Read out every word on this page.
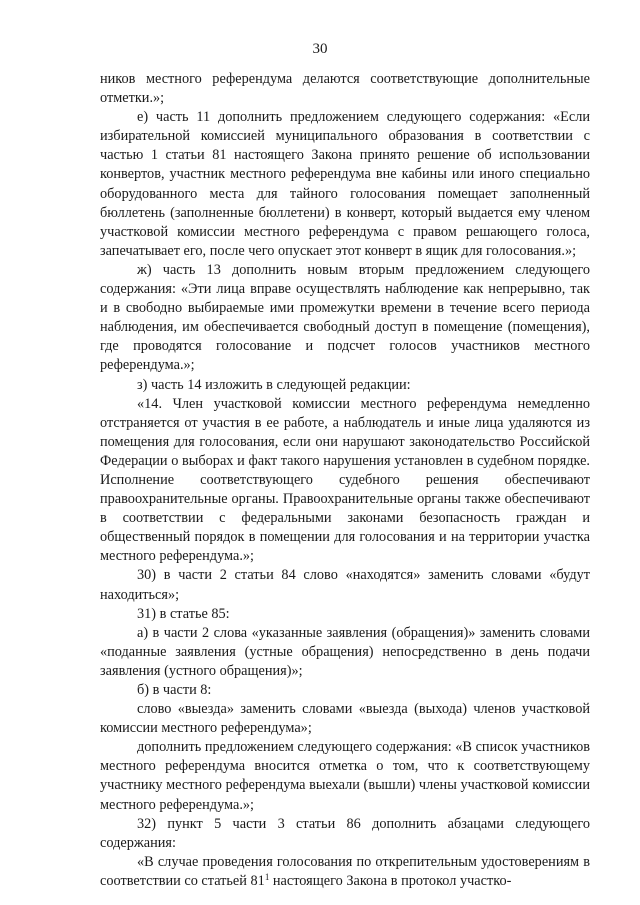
30

ников местного референдума делаются соответствующие дополнительные отметки.»;

е) часть 11 дополнить предложением следующего содержания: «Если избирательной комиссией муниципального образования в соответствии с частью 1 статьи 81 настоящего Закона принято решение об использовании конвертов, участник местного референдума вне кабины или иного специально оборудованного места для тайного голосования помещает заполненный бюллетень (заполненные бюллетени) в конверт, который выдается ему членом участковой комиссии местного референдума с правом решающего голоса, запечатывает его, после чего опускает этот конверт в ящик для голосования.»;

ж) часть 13 дополнить новым вторым предложением следующего содержания: «Эти лица вправе осуществлять наблюдение как непрерывно, так и в свободно выбираемые ими промежутки времени в течение всего периода наблюдения, им обеспечивается свободный доступ в помещение (помещения), где проводятся голосование и подсчет голосов участников местного референдума.»;

з) часть 14 изложить в следующей редакции:

«14. Член участковой комиссии местного референдума немедленно отстраняется от участия в ее работе, а наблюдатель и иные лица удаляются из помещения для голосования, если они нарушают законодательство Российской Федерации о выборах и факт такого нарушения установлен в судебном порядке. Исполнение соответствующего судебного решения обеспечивают правоохранительные органы. Правоохранительные органы также обеспечивают в соответствии с федеральными законами безопасность граждан и общественный порядок в помещении для голосования и на территории участка местного референдума.»;

30) в части 2 статьи 84 слово «находятся» заменить словами «будут находиться»;

31) в статье 85:

а) в части 2 слова «указанные заявления (обращения)» заменить словами «поданные заявления (устные обращения) непосредственно в день подачи заявления (устного обращения)»;

б) в части 8:

слово «выезда» заменить словами «выезда (выхода) членов участковой комиссии местного референдума»;

дополнить предложением следующего содержания: «В список участников местного референдума вносится отметка о том, что к соответствующему участнику местного референдума выехали (вышли) члены участковой комиссии местного референдума.»;

32) пункт 5 части 3 статьи 86 дополнить абзацами следующего содержания:

«В случае проведения голосования по открепительным удостоверениям в соответствии со статьей $81^1$ настоящего Закона в протокол участко-
